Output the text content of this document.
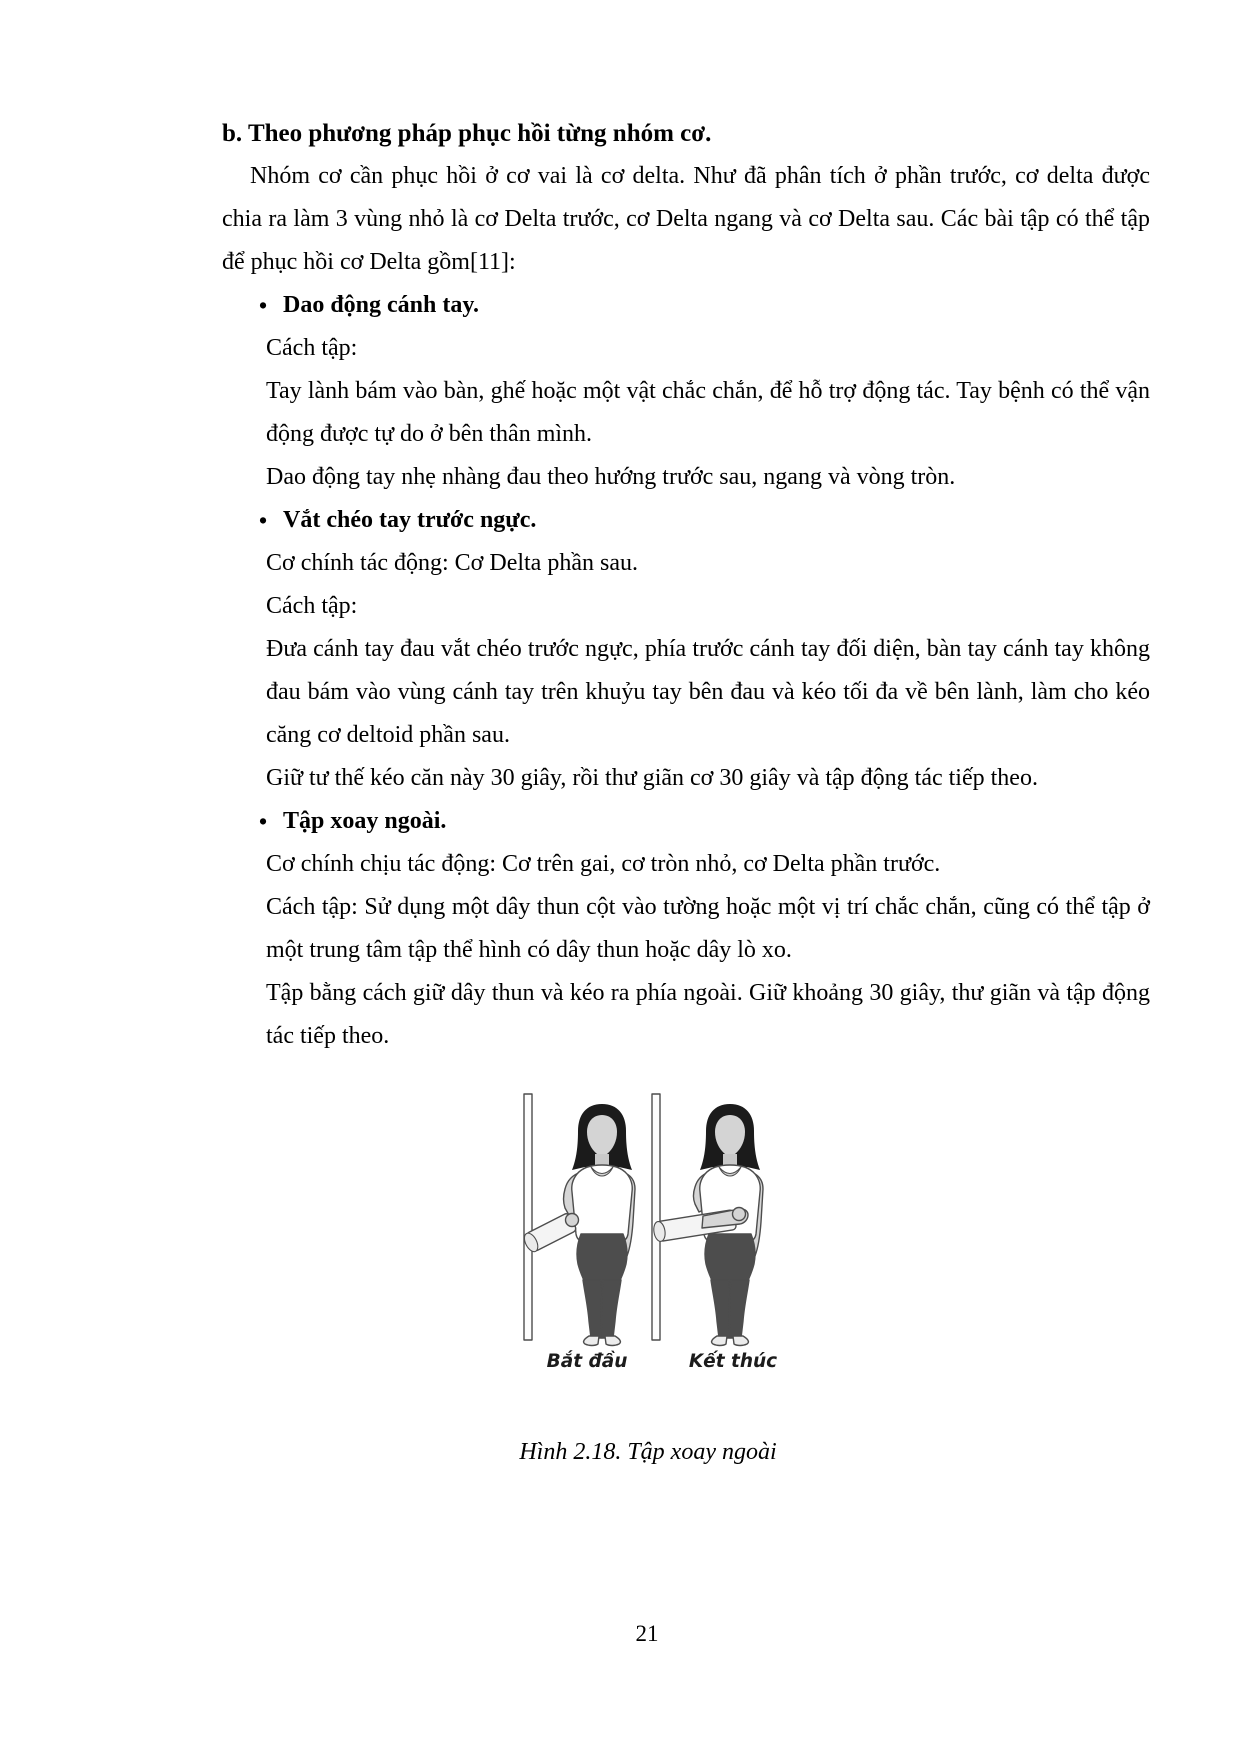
b. Theo phương pháp phục hồi từng nhóm cơ.

Nhóm cơ cần phục hồi ở cơ vai là cơ delta. Như đã phân tích ở phần trước, cơ delta được chia ra làm 3 vùng nhỏ là cơ Delta trước, cơ Delta ngang và cơ Delta sau. Các bài tập có thể tập để phục hồi cơ Delta gồm[11]:

• Dao động cánh tay.

Cách tập:

Tay lành bám vào bàn, ghế hoặc một vật chắc chắn, để hỗ trợ động tác. Tay bệnh có thể vận động được tự do ở bên thân mình.

Dao động tay nhẹ nhàng đau theo hướng trước sau, ngang và vòng tròn.

• Vắt chéo tay trước ngực.

Cơ chính tác động: Cơ Delta phần sau.

Cách tập:

Đưa cánh tay đau vắt chéo trước ngực, phía trước cánh tay đối diện, bàn tay cánh tay không đau bám vào vùng cánh tay trên khuỷu tay bên đau và kéo tối đa về bên lành, làm cho kéo căng cơ deltoid phần sau.

Giữ tư thế kéo căn này 30 giây, rồi thư giãn cơ 30 giây và tập động tác tiếp theo.

• Tập xoay ngoài.

Cơ chính chịu tác động: Cơ trên gai, cơ tròn nhỏ, cơ Delta phần trước.

Cách tập: Sử dụng một dây thun cột vào tường hoặc một vị trí chắc chắn, cũng có thể tập ở một trung tâm tập thể hình có dây thun hoặc dây lò xo.

Tập bằng cách giữ dây thun và kéo ra phía ngoài. Giữ khoảng 30 giây, thư giãn và tập động tác tiếp theo.

Bắt đầu	Kết thúc
Hình 2.18. Tập xoay ngoài
21
